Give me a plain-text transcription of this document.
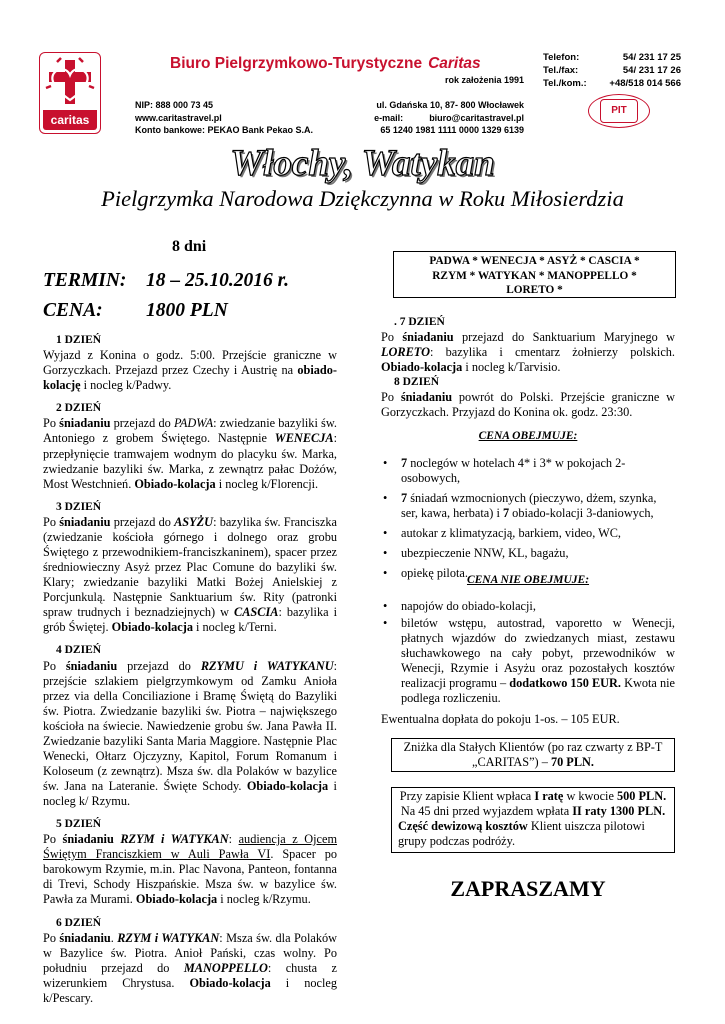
caritas
Biuro Pielgrzymkowo-Turystyczne Caritas
rok założenia 1991
Telefon:	54/ 231 17 25
Tel./fax:	54/ 231 17 26
Tel./kom.:	+48/518 014 566
PIT
NIP: 888 000 73 45
www.caritastravel.pl
Konto bankowe: PEKAO Bank Pekao S.A.
ul. Gdańska 10, 87- 800 Włocławek
e-mail:	biuro@caritastravel.pl
65 1240 1981 1111 0000 1329 6139
Włochy, Watykan
Pielgrzymka Narodowa Dziękczynna w Roku Miłosierdzia
8 dni
TERMIN: 18 – 25.10.2016 r.
CENA: 1800 PLN
1 DZIEŃ
Wyjazd z Konina o godz. 5:00. Przejście graniczne w Gorzyczkach. Przejazd przez Czechy i Austrię na obiado-kolację i nocleg k/Padwy.
2 DZIEŃ
Po śniadaniu przejazd do PADWA: zwiedzanie bazyliki św. Antoniego z grobem Świętego. Następnie WENECJA: przepłynięcie tramwajem wodnym do placyku św. Marka, zwiedzanie bazyliki św. Marka, z zewnątrz pałac Dożów, Most Westchnień. Obiado-kolacja i nocleg k/Florencji.
3 DZIEŃ
Po śniadaniu przejazd do ASYŻU: bazylika św. Franciszka (zwiedzanie kościoła górnego i dolnego oraz grobu Świętego z przewodnikiem-franciszkaninem), spacer przez średniowieczny Asyż przez Plac Comune do bazyliki św. Klary; zwiedzanie bazyliki Matki Bożej Anielskiej z Porcjunkulą. Następnie Sanktuarium św. Rity (patronki spraw trudnych i beznadziejnych) w CASCIA: bazylika i grób Świętej. Obiado-kolacja i nocleg k/Terni.
4 DZIEŃ
Po śniadaniu przejazd do RZYMU i WATYKANU: przejście szlakiem pielgrzymkowym od Zamku Anioła przez via della Conciliazione i Bramę Świętą do Bazyliki św. Piotra. Zwiedzanie bazyliki św. Piotra – największego kościoła na świecie. Nawiedzenie grobu św. Jana Pawła II. Zwiedzanie bazyliki Santa Maria Maggiore. Następnie Plac Wenecki, Ołtarz Ojczyzny, Kapitol, Forum Romanum i Koloseum (z zewnątrz). Msza św. dla Polaków w bazylice św. Jana na Lateranie. Święte Schody. Obiado-kolacja i nocleg k/ Rzymu.
5 DZIEŃ
Po śniadaniu RZYM i WATYKAN: audiencja z Ojcem Świętym Franciszkiem w Auli Pawła VI. Spacer po barokowym Rzymie, m.in. Plac Navona, Panteon, fontanna di Trevi, Schody Hiszpańskie. Msza św. w bazylice św. Pawła za Murami. Obiado-kolacja i nocleg k/Rzymu.
6 DZIEŃ
Po śniadaniu. RZYM i WATYKAN: Msza św. dla Polaków w Bazylice św. Piotra. Anioł Pański, czas wolny. Po południu przejazd do MANOPPELLO: chusta z wizerunkiem Chrystusa. Obiado-kolacja i nocleg k/Pescary.
PADWA * WENECJA * ASYŻ * CASCIA *
RZYM * WATYKAN * MANOPPELLO *
LORETO *
. 7 DZIEŃ
Po śniadaniu przejazd do Sanktuarium Maryjnego w LORETO: bazylika i cmentarz żołnierzy polskich. Obiado-kolacja i nocleg k/Tarvisio.
8 DZIEŃ
Po śniadaniu powrót do Polski. Przejście graniczne w Gorzyczkach. Przyjazd do Konina ok. godz. 23:30.
CENA OBEJMUJE:
• 7 noclegów w hotelach 4* i 3* w pokojach 2-osobowych,
• 7 śniadań wzmocnionych (pieczywo, dżem, szynka, ser, kawa, herbata) i 7 obiado-kolacji 3-daniowych,
• autokar z klimatyzacją, barkiem, video, WC,
• ubezpieczenie NNW, KL, bagażu,
• opiekę pilota. CENA NIE OBEJMUJE:
• napojów do obiado-kolacji,
• biletów wstępu, autostrad, vaporetto w Wenecji, płatnych wjazdów do zwiedzanych miast, zestawu słuchawkowego na cały pobyt, przewodników w Wenecji, Rzymie i Asyżu oraz pozostałych kosztów realizacji programu – dodatkowo 150 EUR. Kwota nie podlega rozliczeniu.
Ewentualna dopłata do pokoju 1-os. – 105 EUR.
Zniżka dla Stałych Klientów (po raz czwarty z BP-T
„CARITAS”) – 70 PLN.
Przy zapisie Klient wpłaca I ratę w kwocie 500 PLN.
Na 45 dni przed wyjazdem wpłata II raty 1300 PLN.
Część dewizową kosztów Klient uiszcza pilotowi grupy podczas podróży.
ZAPRASZAMY
